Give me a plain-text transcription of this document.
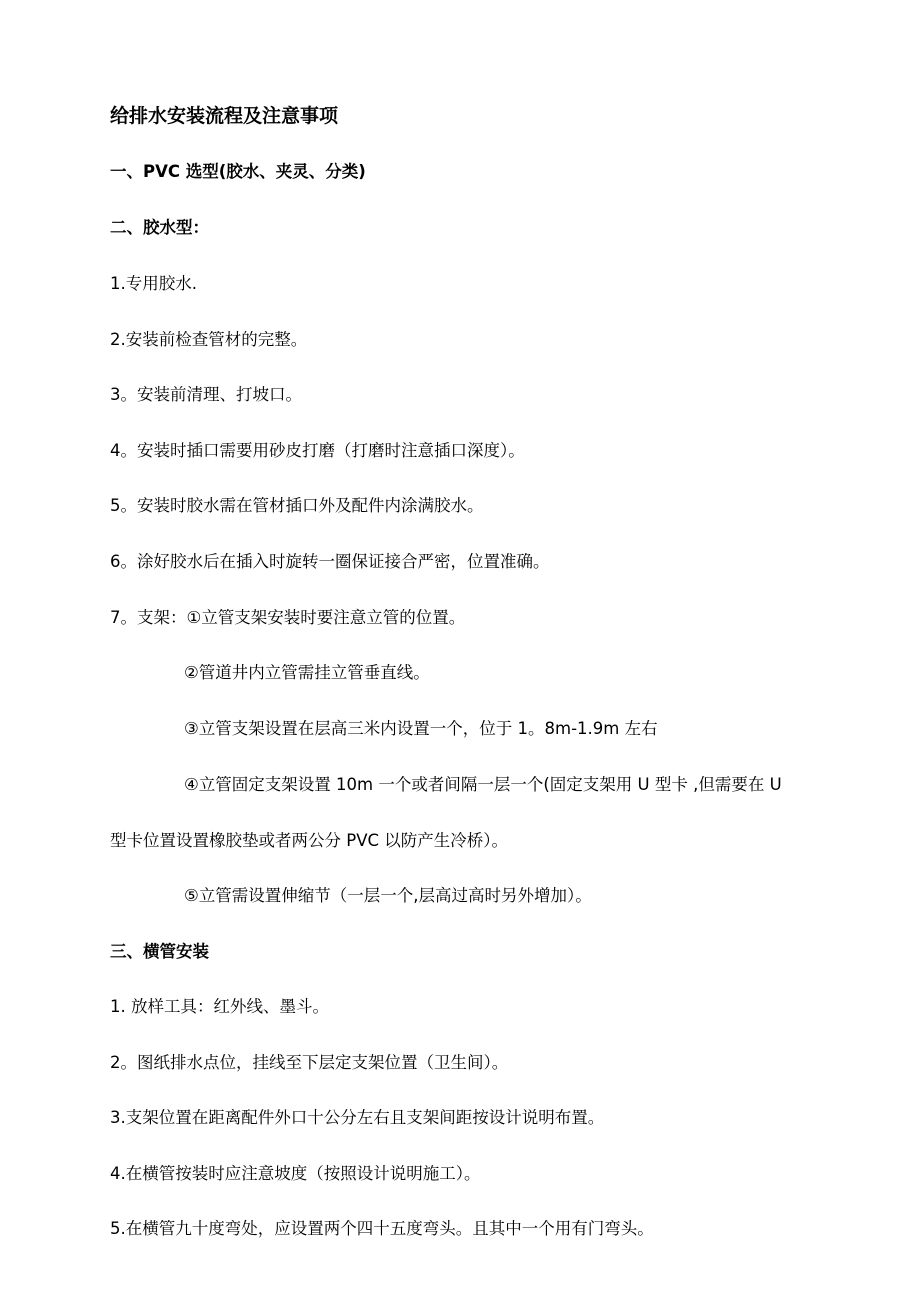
给排水安装流程及注意事项
一、PVC 选型(胶水、夹灵、分类)
二、胶水型：
1.专用胶水.
2.安装前检查管材的完整。
3。安装前清理、打坡口。
4。安装时插口需要用砂皮打磨（打磨时注意插口深度）。
5。安装时胶水需在管材插口外及配件内涂满胶水。
6。涂好胶水后在插入时旋转一圈保证接合严密，位置准确。
7。支架：①立管支架安装时要注意立管的位置。
②管道井内立管需挂立管垂直线。
③立管支架设置在层高三米内设置一个，位于 1。8m-1.9m 左右
④立管固定支架设置 10m 一个或者间隔一层一个(固定支架用 U 型卡 ,但需要在 U
型卡位置设置橡胶垫或者两公分 PVC 以防产生冷桥）。
⑤立管需设置伸缩节（一层一个,层高过高时另外增加）。
三、横管安装
1. 放样工具：红外线、墨斗。
2。图纸排水点位，挂线至下层定支架位置（卫生间）。
3.支架位置在距离配件外口十公分左右且支架间距按设计说明布置。
4.在横管按装时应注意坡度（按照设计说明施工）。
5.在横管九十度弯处，应设置两个四十五度弯头。且其中一个用有门弯头。
